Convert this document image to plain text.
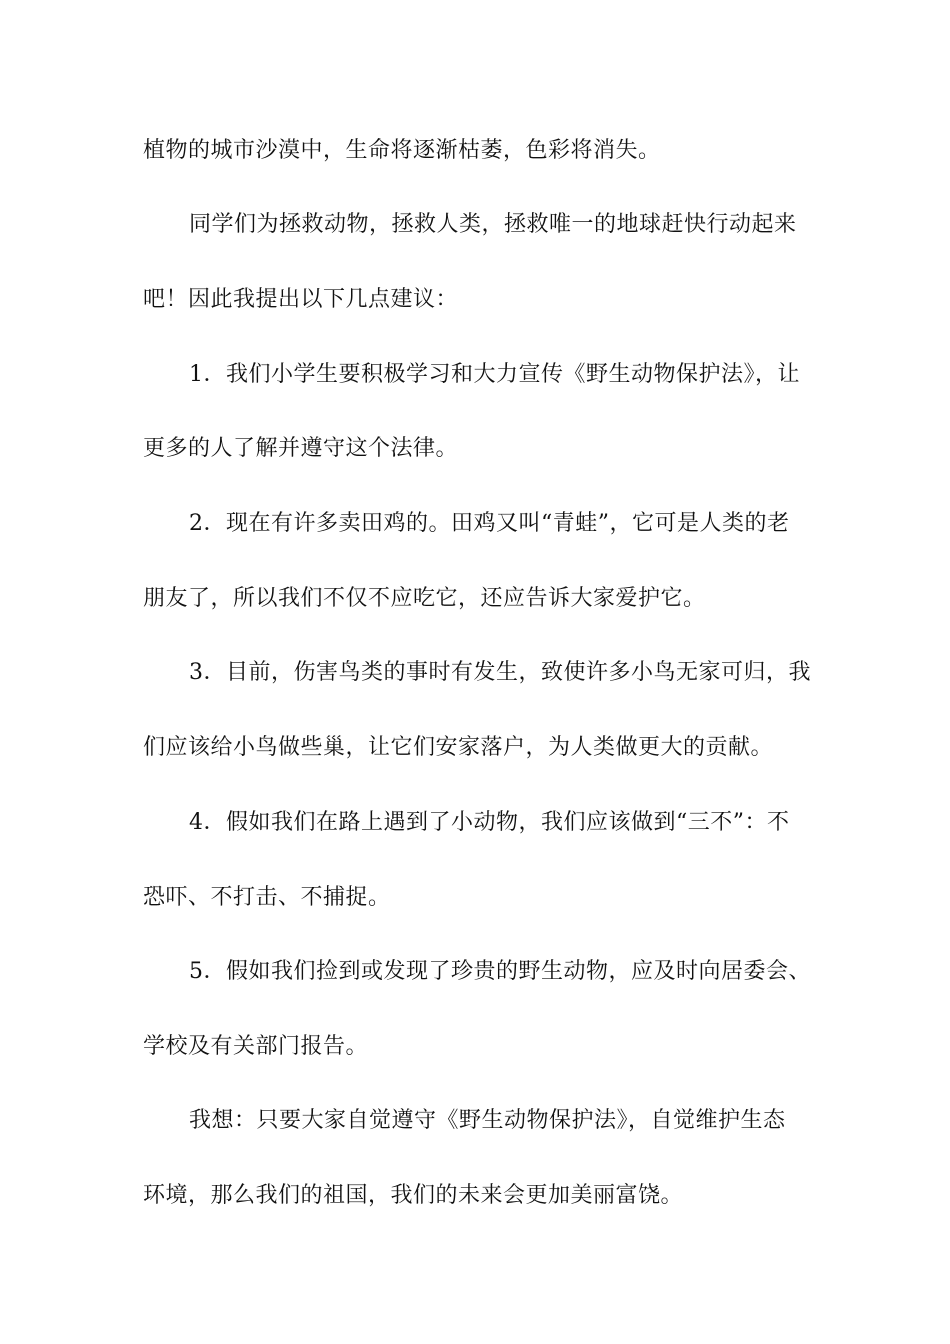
植物的城市沙漠中，生命将逐渐枯萎，色彩将消失。
同学们为拯救动物，拯救人类，拯救唯一的地球赶快行动起来
吧！因此我提出以下几点建议：
1．我们小学生要积极学习和大力宣传《野生动物保护法》，让
更多的人了解并遵守这个法律。
2．现在有许多卖田鸡的。田鸡又叫“青蛙”，它可是人类的老
朋友了，所以我们不仅不应吃它，还应告诉大家爱护它。
3．目前，伤害鸟类的事时有发生，致使许多小鸟无家可归，我
们应该给小鸟做些巢，让它们安家落户，为人类做更大的贡献。
4．假如我们在路上遇到了小动物，我们应该做到“三不”：不
恐吓、不打击、不捕捉。
5．假如我们捡到或发现了珍贵的野生动物，应及时向居委会、
学校及有关部门报告。
我想：只要大家自觉遵守《野生动物保护法》，自觉维护生态
环境，那么我们的祖国，我们的未来会更加美丽富饶。
